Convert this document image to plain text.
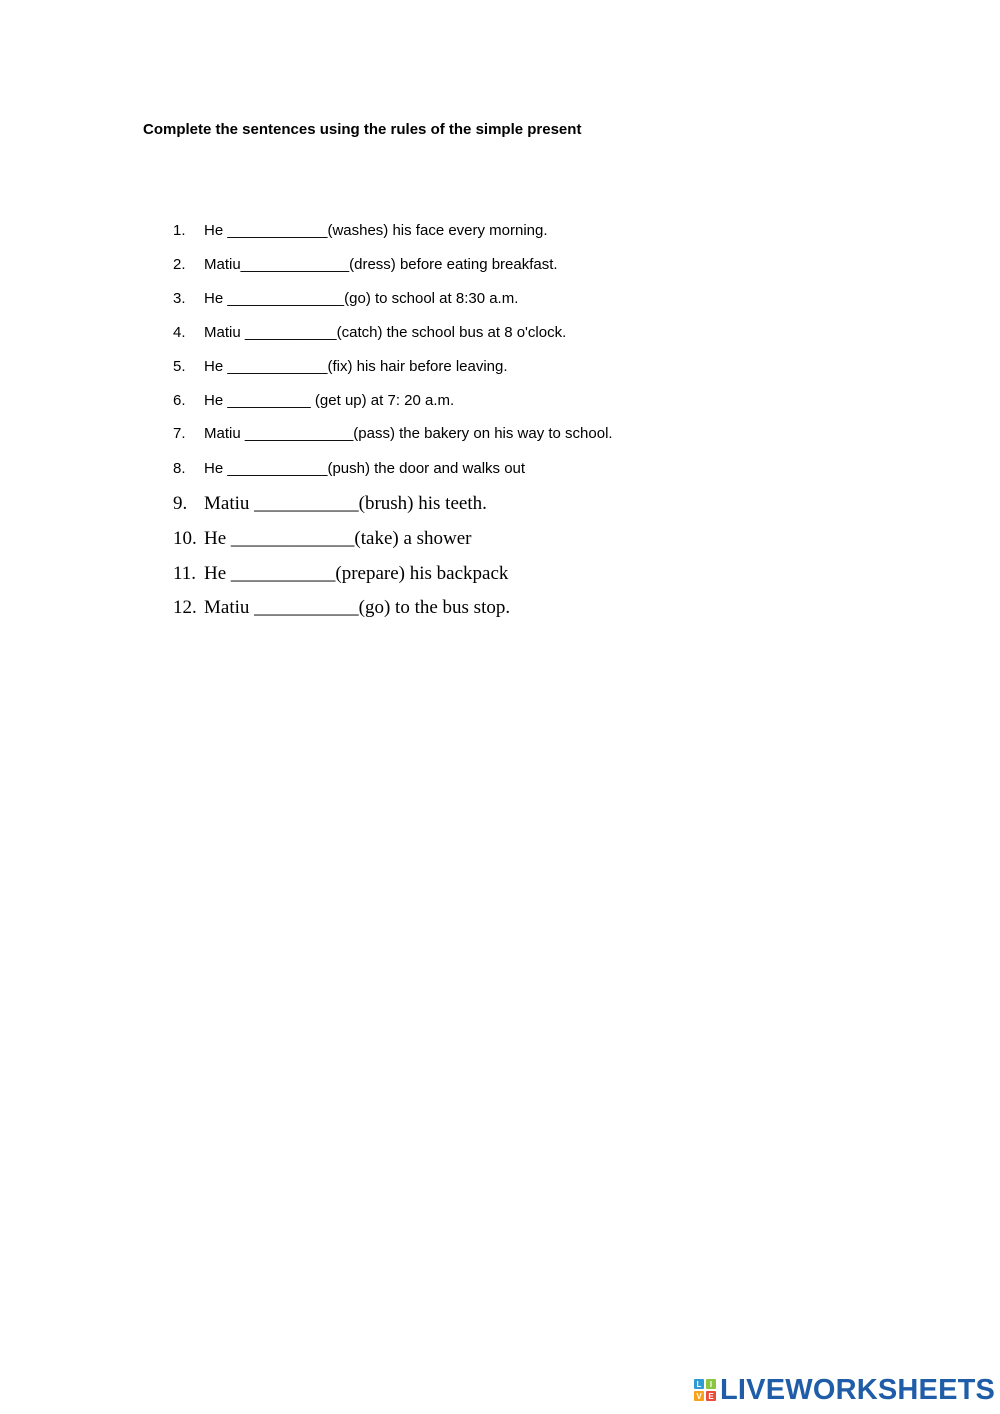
Complete the sentences using the rules of the simple present
1. He ____________(washes) his face every morning.
2. Matiu_____________(dress) before eating breakfast.
3. He ______________(go) to school at 8:30 a.m.
4. Matiu ___________(catch) the school bus at 8 o'clock.
5. He ____________(fix) his hair before leaving.
6. He __________ (get up) at 7: 20 a.m.
7. Matiu _____________(pass) the bakery on his way to school.
8. He ____________(push) the door and walks out
9. Matiu ___________(brush) his teeth.
10. He _____________(take) a shower
11. He ___________(prepare) his backpack
12. Matiu ___________(go) to the bus stop.
L	I
V E LIVEWORKSHEETS
